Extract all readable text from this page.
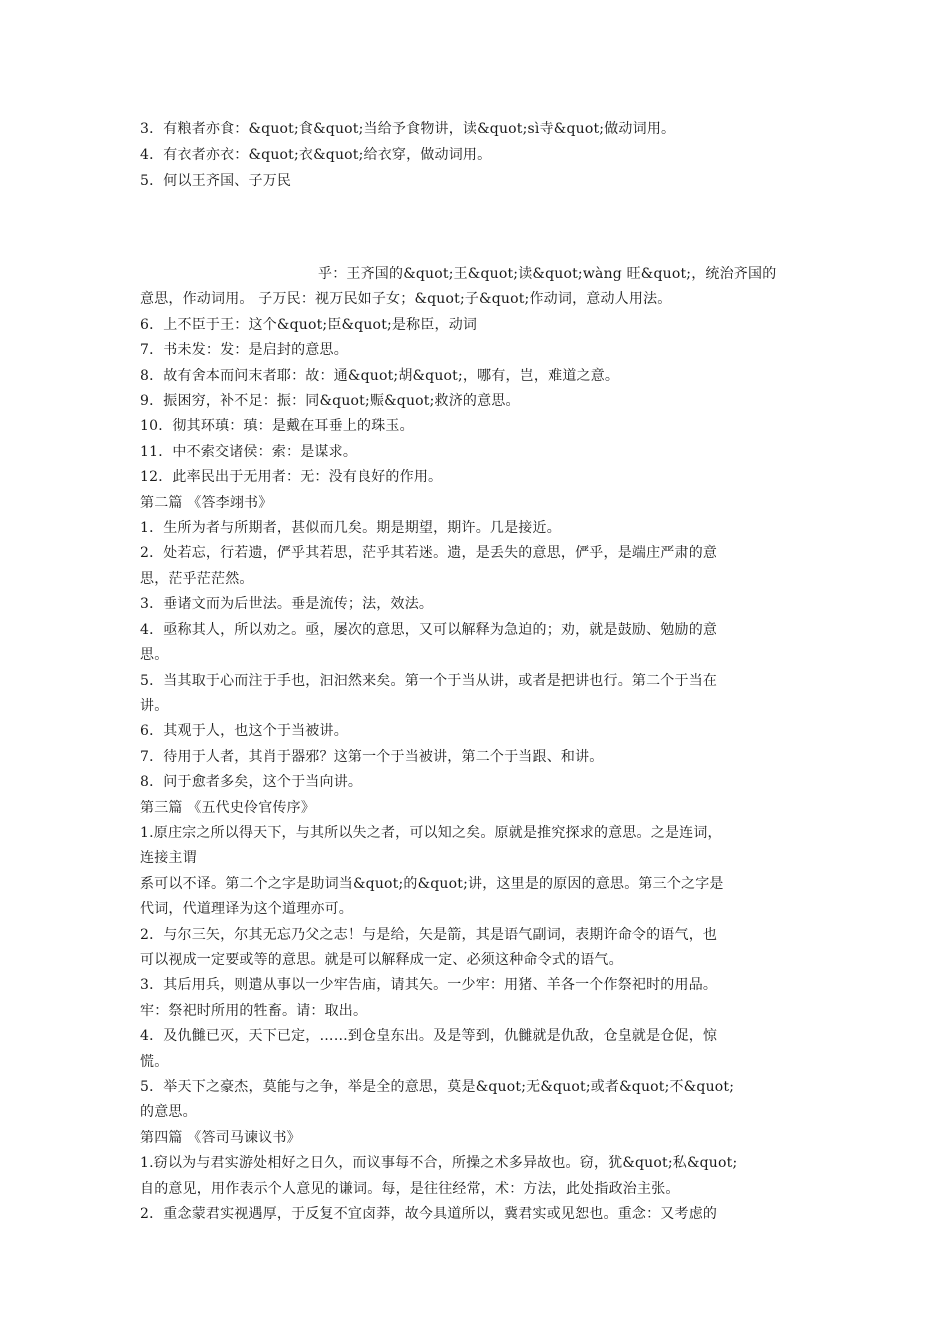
3．有粮者亦食：&quot;食&quot;当给予食物讲，读&quot;sì寺&quot;做动词用。
4．有衣者亦衣：&quot;衣&quot;给衣穿，做动词用。
5．何以王齐国、子万民
乎：王齐国的&quot;王&quot;读&quot;wàng 旺&quot;，统治齐国的
意思，作动词用。 子万民：视万民如子女；&quot;子&quot;作动词，意动人用法。
6．上不臣于王：这个&quot;臣&quot;是称臣，动词
7．书未发：发：是启封的意思。
8．故有舍本而问末者耶：故：通&quot;胡&quot;，哪有，岂，难道之意。
9．振困穷，补不足：振：同&quot;赈&quot;救济的意思。
10．彻其环瑱：瑱：是戴在耳垂上的珠玉。
11．中不索交诸侯：索：是谋求。
12．此率民出于无用者：无：没有良好的作用。
第二篇 《答李翊书》
1．生所为者与所期者，甚似而几矣。期是期望，期许。几是接近。
2．处若忘，行若遗，俨乎其若思，茫乎其若迷。遗，是丢失的意思，俨乎，是端庄严肃的意
思，茫乎茫茫然。
3．垂诸文而为后世法。垂是流传；法，效法。
4．亟称其人，所以劝之。亟，屡次的意思，又可以解释为急迫的；劝，就是鼓励、勉励的意
思。
5．当其取于心而注于手也，汩汩然来矣。第一个于当从讲，或者是把讲也行。第二个于当在
讲。
6．其观于人，也这个于当被讲。
7．待用于人者，其肖于器邪？这第一个于当被讲，第二个于当跟、和讲。
8．问于愈者多矣，这个于当向讲。
第三篇 《五代史伶官传序》
1.原庄宗之所以得天下，与其所以失之者，可以知之矣。原就是推究探求的意思。之是连词，
连接主谓
系可以不译。第二个之字是助词当&quot;的&quot;讲，这里是的原因的意思。第三个之字是
代词，代道理译为这个道理亦可。
2．与尔三矢，尔其无忘乃父之志！与是给，矢是箭，其是语气副词，表期许命令的语气，也
可以视成一定要或等的意思。就是可以解释成一定、必须这种命令式的语气。
3．其后用兵，则遣从事以一少牢告庙，请其矢。一少牢：用猪、羊各一个作祭祀时的用品。
牢：祭祀时所用的牲畜。请：取出。
4．及仇雠已灭，天下已定，……到仓皇东出。及是等到，仇雠就是仇敌，仓皇就是仓促，惊
慌。
5．举天下之豪杰，莫能与之争，举是全的意思，莫是&quot;无&quot;或者&quot;不&quot;
的意思。
第四篇 《答司马谏议书》
1.窃以为与君实游处相好之日久，而议事每不合，所操之术多异故也。窃，犹&quot;私&quot;
自的意见，用作表示个人意见的谦词。每，是往往经常，术：方法，此处指政治主张。
2．重念蒙君实视遇厚，于反复不宜卤莽，故今具道所以，冀君实或见恕也。重念：又考虑的
